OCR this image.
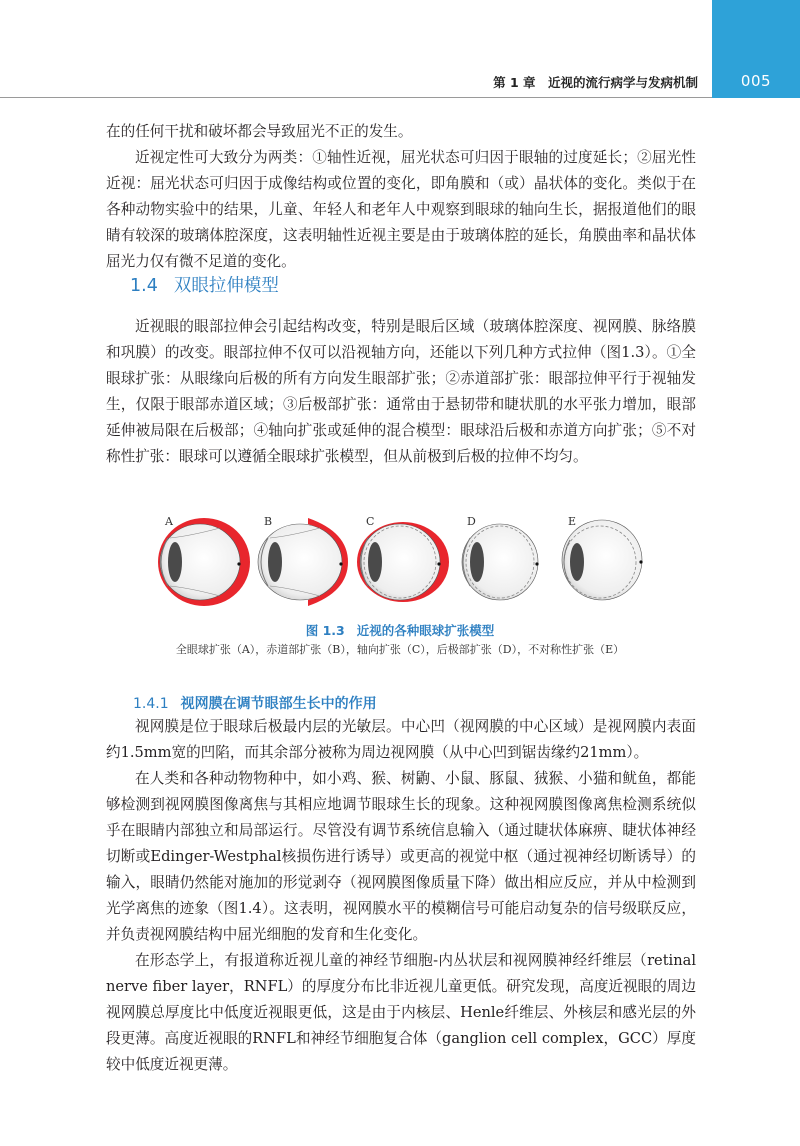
005
第 1 章　近视的流行病学与发病机制

在的任何干扰和破坏都会导致屈光不正的发生。

近视定性可大致分为两类：①轴性近视，屈光状态可归因于眼轴的过度延长；②屈光性近视：屈光状态可归因于成像结构或位置的变化，即角膜和（或）晶状体的变化。类似于在各种动物实验中的结果，儿童、年轻人和老年人中观察到眼球的轴向生长，据报道他们的眼睛有较深的玻璃体腔深度，这表明轴性近视主要是由于玻璃体腔的延长，角膜曲率和晶状体屈光力仅有微不足道的变化。

1.4 双眼拉伸模型

近视眼的眼部拉伸会引起结构改变，特别是眼后区域（玻璃体腔深度、视网膜、脉络膜和巩膜）的改变。眼部拉伸不仅可以沿视轴方向，还能以下列几种方式拉伸（图1.3）。①全眼球扩张：从眼缘向后极的所有方向发生眼部扩张；②赤道部扩张：眼部拉伸平行于视轴发生，仅限于眼部赤道区域；③后极部扩张：通常由于悬韧带和睫状肌的水平张力增加，眼部延伸被局限在后极部；④轴向扩张或延伸的混合模型：眼球沿后极和赤道方向扩张；⑤不对称性扩张：眼球可以遵循全眼球扩张模型，但从前极到后极的拉伸不均匀。

A	B	C	D	E
图 1.3 近视的各种眼球扩张模型
全眼球扩张（A），赤道部扩张（B），轴向扩张（C），后极部扩张（D），不对称性扩张（E）
1.4.1 视网膜在调节眼部生长中的作用

视网膜是位于眼球后极最内层的光敏层。中心凹（视网膜的中心区域）是视网膜内表面约1.5mm宽的凹陷，而其余部分被称为周边视网膜（从中心凹到锯齿缘约21mm）。

在人类和各种动物物种中，如小鸡、猴、树鼩、小鼠、豚鼠、狨猴、小猫和鱿鱼，都能够检测到视网膜图像离焦与其相应地调节眼球生长的现象。这种视网膜图像离焦检测系统似乎在眼睛内部独立和局部运行。尽管没有调节系统信息输入（通过睫状体麻痹、睫状体神经切断或Edinger-Westphal核损伤进行诱导）或更高的视觉中枢（通过视神经切断诱导）的输入，眼睛仍然能对施加的形觉剥夺（视网膜图像质量下降）做出相应反应，并从中检测到光学离焦的迹象（图1.4）。这表明，视网膜水平的模糊信号可能启动复杂的信号级联反应，并负责视网膜结构中屈光细胞的发育和生化变化。

在形态学上，有报道称近视儿童的神经节细胞-内丛状层和视网膜神经纤维层（retinal nerve fiber layer，RNFL）的厚度分布比非近视儿童更低。研究发现，高度近视眼的周边视网膜总厚度比中低度近视眼更低，这是由于内核层、Henle纤维层、外核层和感光层的外段更薄。高度近视眼的RNFL和神经节细胞复合体（ganglion cell complex，GCC）厚度较中低度近视更薄。
